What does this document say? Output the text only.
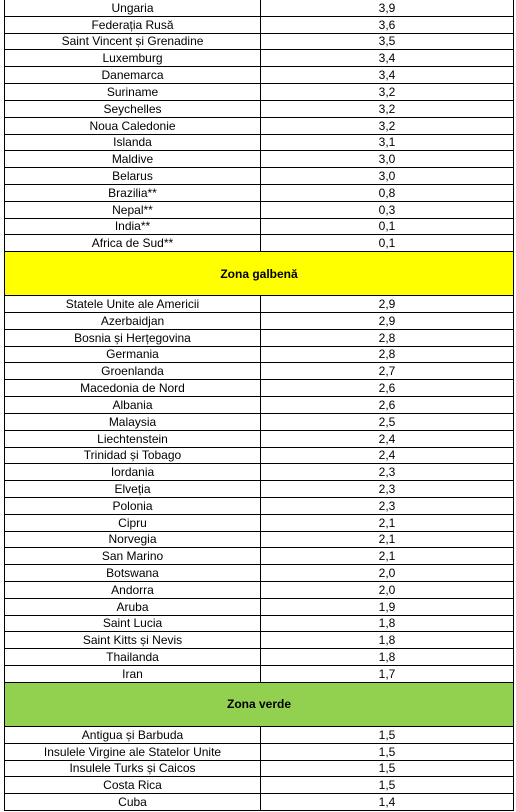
Ungaria	3,9
Federația Rusă	3,6
Saint Vincent și Grenadine	3,5
Luxemburg	3,4
Danemarca	3,4
Suriname	3,2
Seychelles	3,2
Noua Caledonie	3,2
Islanda	3,1
Maldive	3,0
Belarus	3,0
Brazilia**	0,8
Nepal**	0,3
India**	0,1
Africa de Sud**	0,1
Zona galbenă
Statele Unite ale Americii	2,9
Azerbaidjan	2,9
Bosnia și Herțegovina	2,8
Germania	2,8
Groenlanda	2,7
Macedonia de Nord	2,6
Albania	2,6
Malaysia	2,5
Liechtenstein	2,4
Trinidad și Tobago	2,4
Iordania	2,3
Elveția	2,3
Polonia	2,3
Cipru	2,1
Norvegia	2,1
San Marino	2,1
Botswana	2,0
Andorra	2,0
Aruba	1,9
Saint Lucia	1,8
Saint Kitts și Nevis	1,8
Thailanda	1,8
Iran	1,7
Zona verde
Antigua și Barbuda	1,5
Insulele Virgine ale Statelor Unite	1,5
Insulele Turks și Caicos	1,5
Costa Rica	1,5
Cuba	1,4
